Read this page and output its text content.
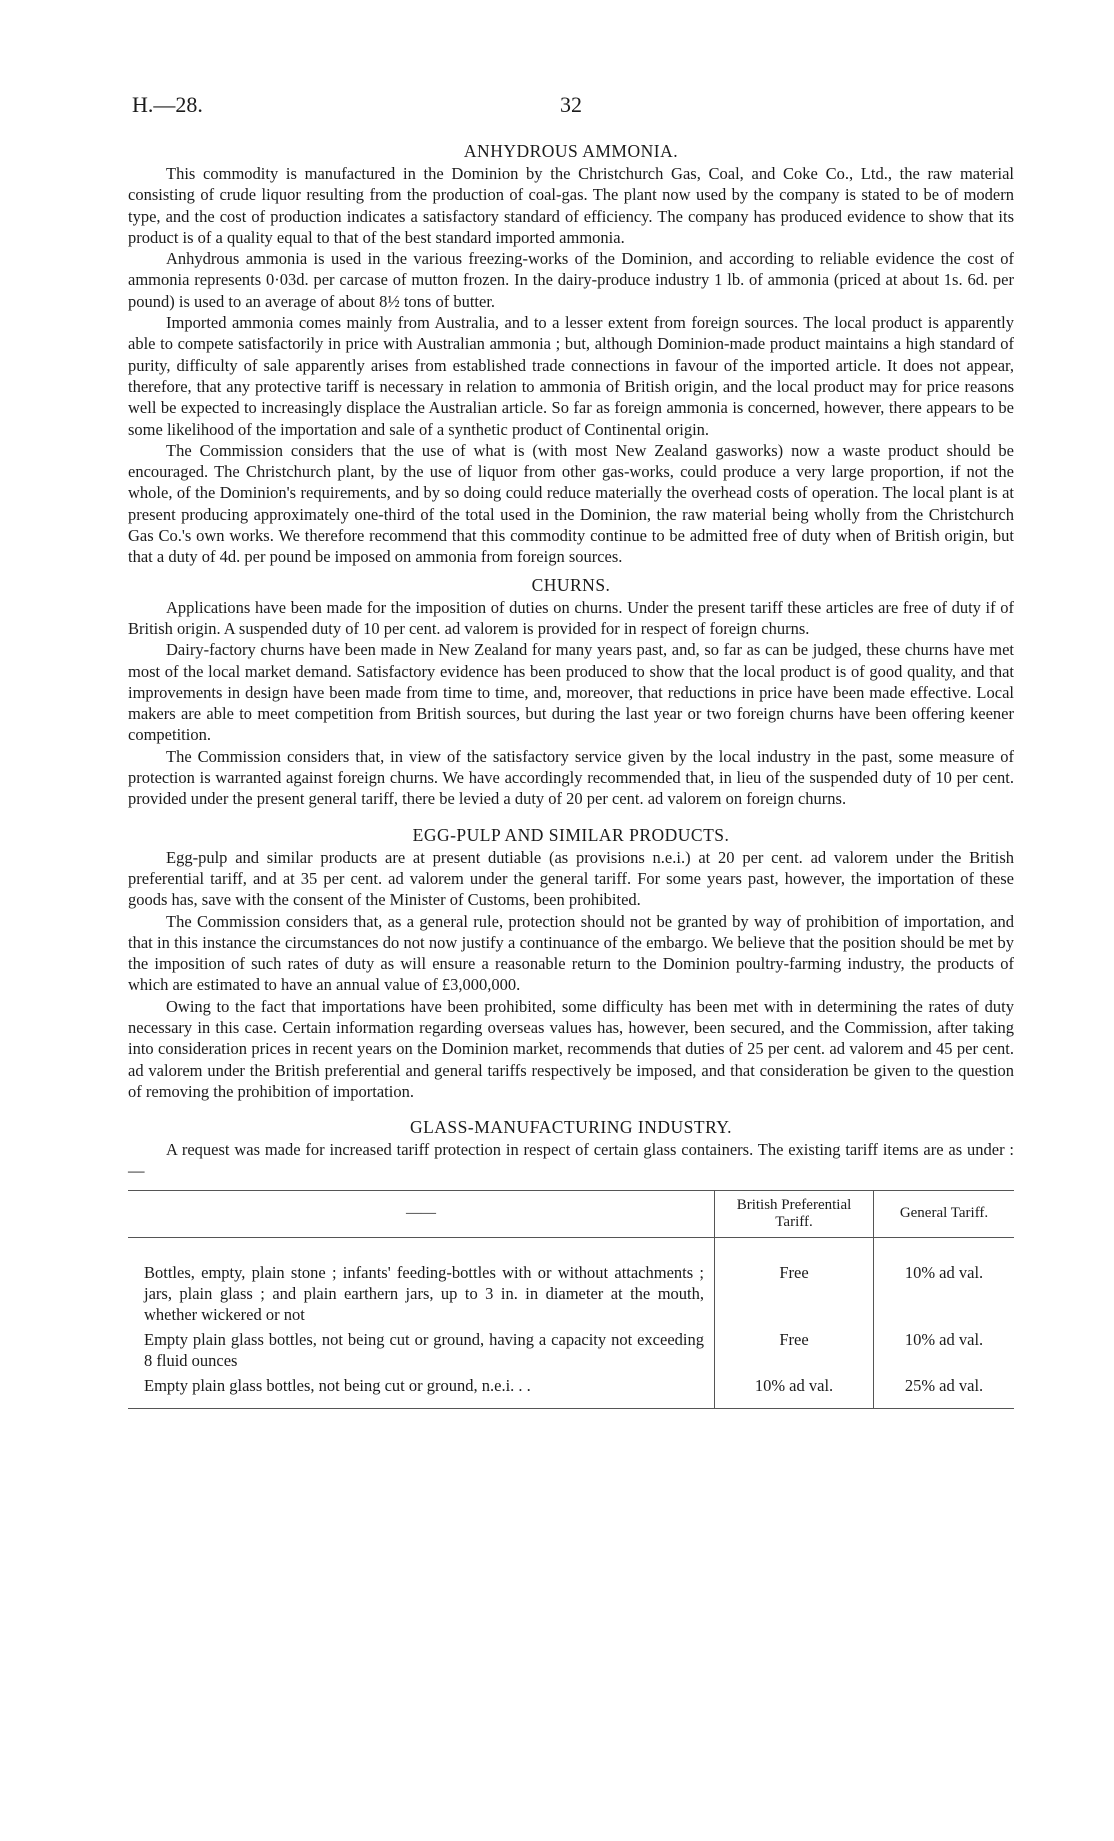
H.—28.	32
ANHYDROUS AMMONIA.

This commodity is manufactured in the Dominion by the Christchurch Gas, Coal, and Coke Co., Ltd., the raw material consisting of crude liquor resulting from the production of coal-gas. The plant now used by the company is stated to be of modern type, and the cost of production indicates a satisfactory standard of efficiency. The company has produced evidence to show that its product is of a quality equal to that of the best standard imported ammonia.

Anhydrous ammonia is used in the various freezing-works of the Dominion, and according to reliable evidence the cost of ammonia represents 0·03d. per carcase of mutton frozen. In the dairy-produce industry 1 lb. of ammonia (priced at about 1s. 6d. per pound) is used to an average of about 8½ tons of butter.

Imported ammonia comes mainly from Australia, and to a lesser extent from foreign sources. The local product is apparently able to compete satisfactorily in price with Australian ammonia ; but, although Dominion-made product maintains a high standard of purity, difficulty of sale apparently arises from established trade connections in favour of the imported article. It does not appear, therefore, that any protective tariff is necessary in relation to ammonia of British origin, and the local product may for price reasons well be expected to increasingly displace the Australian article. So far as foreign ammonia is concerned, however, there appears to be some likelihood of the importation and sale of a synthetic product of Continental origin.

The Commission considers that the use of what is (with most New Zealand gasworks) now a waste product should be encouraged. The Christchurch plant, by the use of liquor from other gas-works, could produce a very large proportion, if not the whole, of the Dominion's requirements, and by so doing could reduce materially the overhead costs of operation. The local plant is at present producing approximately one-third of the total used in the Dominion, the raw material being wholly from the Christchurch Gas Co.'s own works. We therefore recommend that this commodity continue to be admitted free of duty when of British origin, but that a duty of 4d. per pound be imposed on ammonia from foreign sources.

CHURNS.

Applications have been made for the imposition of duties on churns. Under the present tariff these articles are free of duty if of British origin. A suspended duty of 10 per cent. ad valorem is provided for in respect of foreign churns.

Dairy-factory churns have been made in New Zealand for many years past, and, so far as can be judged, these churns have met most of the local market demand. Satisfactory evidence has been produced to show that the local product is of good quality, and that improvements in design have been made from time to time, and, moreover, that reductions in price have been made effective. Local makers are able to meet competition from British sources, but during the last year or two foreign churns have been offering keener competition.

The Commission considers that, in view of the satisfactory service given by the local industry in the past, some measure of protection is warranted against foreign churns. We have accordingly recommended that, in lieu of the suspended duty of 10 per cent. provided under the present general tariff, there be levied a duty of 20 per cent. ad valorem on foreign churns.

EGG-PULP AND SIMILAR PRODUCTS.

Egg-pulp and similar products are at present dutiable (as provisions n.e.i.) at 20 per cent. ad valorem under the British preferential tariff, and at 35 per cent. ad valorem under the general tariff. For some years past, however, the importation of these goods has, save with the consent of the Minister of Customs, been prohibited.

The Commission considers that, as a general rule, protection should not be granted by way of prohibition of importation, and that in this instance the circumstances do not now justify a continuance of the embargo. We believe that the position should be met by the imposition of such rates of duty as will ensure a reasonable return to the Dominion poultry-farming industry, the products of which are estimated to have an annual value of £3,000,000.

Owing to the fact that importations have been prohibited, some difficulty has been met with in determining the rates of duty necessary in this case. Certain information regarding overseas values has, however, been secured, and the Commission, after taking into consideration prices in recent years on the Dominion market, recommends that duties of 25 per cent. ad valorem and 45 per cent. ad valorem under the British preferential and general tariffs respectively be imposed, and that consideration be given to the question of removing the prohibition of importation.

GLASS-MANUFACTURING INDUSTRY.

A request was made for increased tariff protection in respect of certain glass containers. The existing tariff items are as under :—

——	British Preferential Tariff.	General Tariff.

Bottles, empty, plain stone ; infants' feeding-bottles with or without attachments ; jars, plain glass ; and plain earthern jars, up to 3 in. in diameter at the mouth, whether wickered or not	Free	10% ad val.
Empty plain glass bottles, not being cut or ground, having a capacity not exceeding 8 fluid ounces	Free	10% ad val.
Empty plain glass bottles, not being cut or ground, n.e.i. . .	10% ad val.	25% ad val.
